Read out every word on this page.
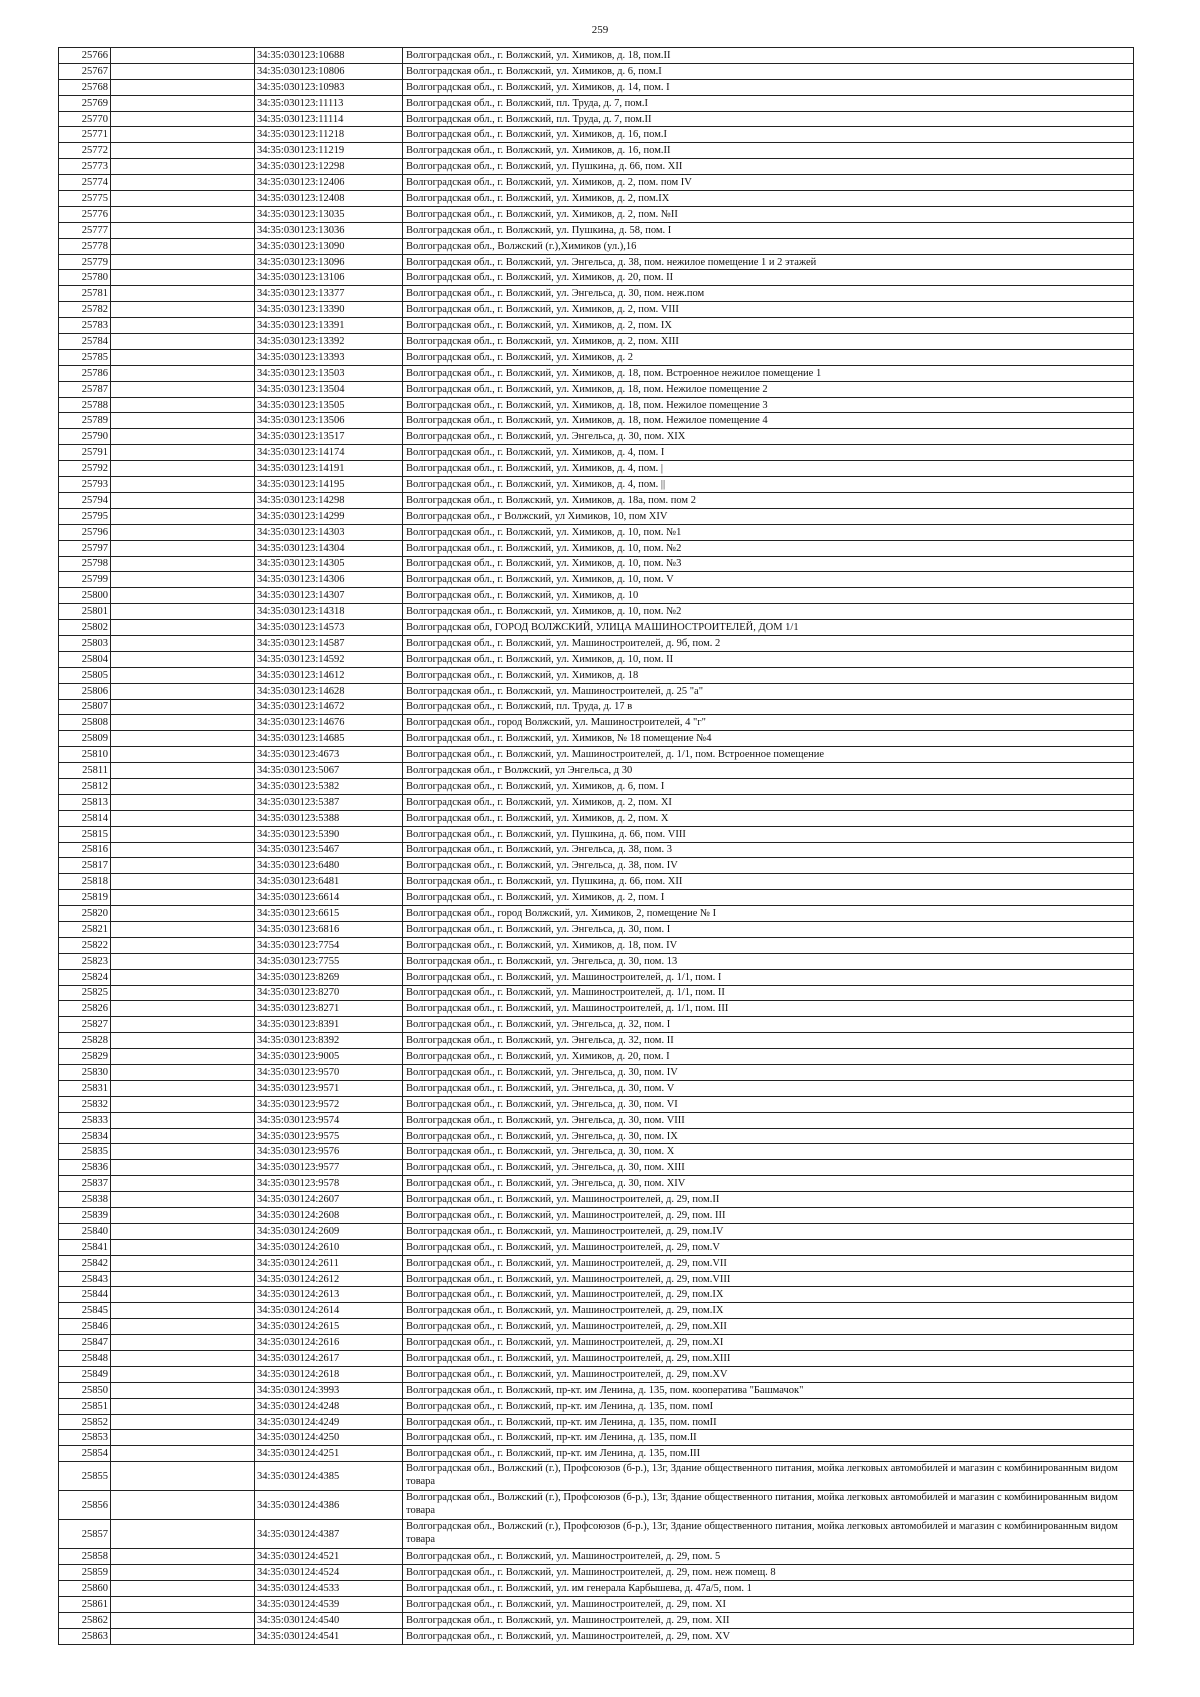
259
25766		34:35:030123:10688	Волгоградская обл., г. Волжский, ул. Химиков, д. 18, пом.II
25767		34:35:030123:10806	Волгоградская обл., г. Волжский, ул. Химиков, д. 6, пом.I
25768		34:35:030123:10983	Волгоградская обл., г. Волжский, ул. Химиков, д. 14, пом. I
25769		34:35:030123:11113	Волгоградская обл., г. Волжский, пл. Труда, д. 7, пом.I
25770		34:35:030123:11114	Волгоградская обл., г. Волжский, пл. Труда, д. 7, пом.II
25771		34:35:030123:11218	Волгоградская обл., г. Волжский, ул. Химиков, д. 16, пом.I
25772		34:35:030123:11219	Волгоградская обл., г. Волжский, ул. Химиков, д. 16, пом.II
25773		34:35:030123:12298	Волгоградская обл., г. Волжский, ул. Пушкина, д. 66, пом. XII
25774		34:35:030123:12406	Волгоградская обл., г. Волжский, ул. Химиков, д. 2, пом. пом IV
25775		34:35:030123:12408	Волгоградская обл., г. Волжский, ул. Химиков, д. 2, пом.IX
25776		34:35:030123:13035	Волгоградская обл., г. Волжский, ул. Химиков, д. 2, пом. №II
25777		34:35:030123:13036	Волгоградская обл., г. Волжский, ул. Пушкина, д. 58, пом. I
25778		34:35:030123:13090	Волгоградская обл., Волжский (г.),Химиков (ул.),16
25779		34:35:030123:13096	Волгоградская обл., г. Волжский, ул. Энгельса, д. 38, пом. нежилое помещение 1 и 2 этажей
25780		34:35:030123:13106	Волгоградская обл., г. Волжский, ул. Химиков, д. 20, пом. II
25781		34:35:030123:13377	Волгоградская обл., г. Волжский, ул. Энгельса, д. 30, пом. неж.пом
25782		34:35:030123:13390	Волгоградская обл., г. Волжский, ул. Химиков, д. 2, пом. VIII
25783		34:35:030123:13391	Волгоградская обл., г. Волжский, ул. Химиков, д. 2, пом. IX
25784		34:35:030123:13392	Волгоградская обл., г. Волжский, ул. Химиков, д. 2, пом. XIII
25785		34:35:030123:13393	Волгоградская обл., г. Волжский, ул. Химиков, д. 2
25786		34:35:030123:13503	Волгоградская обл., г. Волжский, ул. Химиков, д. 18, пом. Встроенное нежилое помещение 1
25787		34:35:030123:13504	Волгоградская обл., г. Волжский, ул. Химиков, д. 18, пом. Нежилое помещение 2
25788		34:35:030123:13505	Волгоградская обл., г. Волжский, ул. Химиков, д. 18, пом. Нежилое помещение 3
25789		34:35:030123:13506	Волгоградская обл., г. Волжский, ул. Химиков, д. 18, пом. Нежилое помещение 4
25790		34:35:030123:13517	Волгоградская обл., г. Волжский, ул. Энгельса, д. 30, пом. XIX
25791		34:35:030123:14174	Волгоградская обл., г. Волжский, ул. Химиков, д. 4, пом. I
25792		34:35:030123:14191	Волгоградская обл., г. Волжский, ул. Химиков, д. 4, пом. |
25793		34:35:030123:14195	Волгоградская обл., г. Волжский, ул. Химиков, д. 4, пом. ||
25794		34:35:030123:14298	Волгоградская обл., г. Волжский, ул. Химиков, д. 18а, пом. пом 2
25795		34:35:030123:14299	Волгоградская обл., г Волжский, ул Химиков, 10, пом XIV
25796		34:35:030123:14303	Волгоградская обл., г. Волжский, ул. Химиков, д. 10, пом. №1
25797		34:35:030123:14304	Волгоградская обл., г. Волжский, ул. Химиков, д. 10, пом. №2
25798		34:35:030123:14305	Волгоградская обл., г. Волжский, ул. Химиков, д. 10, пом. №3
25799		34:35:030123:14306	Волгоградская обл., г. Волжский, ул. Химиков, д. 10, пом. V
25800		34:35:030123:14307	Волгоградская обл., г. Волжский, ул. Химиков, д. 10
25801		34:35:030123:14318	Волгоградская обл., г. Волжский, ул. Химиков, д. 10, пом. №2
25802		34:35:030123:14573	Волгоградская обл, ГОРОД ВОЛЖСКИЙ, УЛИЦА МАШИНОСТРОИТЕЛЕЙ, ДОМ 1/1
25803		34:35:030123:14587	Волгоградская обл., г. Волжский, ул. Машиностроителей, д. 9б, пом. 2
25804		34:35:030123:14592	Волгоградская обл., г. Волжский, ул. Химиков, д. 10, пом. II
25805		34:35:030123:14612	Волгоградская обл., г. Волжский, ул. Химиков, д. 18
25806		34:35:030123:14628	Волгоградская обл., г. Волжский, ул. Машиностроителей, д. 25 "а"
25807		34:35:030123:14672	Волгоградская обл., г. Волжский, пл. Труда, д. 17 в
25808		34:35:030123:14676	Волгоградская обл., город Волжский, ул. Машиностроителей, 4 "г"
25809		34:35:030123:14685	Волгоградская обл., г. Волжский, ул. Химиков, № 18 помещение №4
25810		34:35:030123:4673	Волгоградская обл., г. Волжский, ул. Машиностроителей, д. 1/1, пом. Встроенное помещение
25811		34:35:030123:5067	Волгоградская обл., г Волжский, ул Энгельса, д 30
25812		34:35:030123:5382	Волгоградская обл., г. Волжский, ул. Химиков, д. 6, пом. I
25813		34:35:030123:5387	Волгоградская обл., г. Волжский, ул. Химиков, д. 2, пом. XI
25814		34:35:030123:5388	Волгоградская обл., г. Волжский, ул. Химиков, д. 2, пом. X
25815		34:35:030123:5390	Волгоградская обл., г. Волжский, ул. Пушкина, д. 66, пом. VIII
25816		34:35:030123:5467	Волгоградская обл., г. Волжский, ул. Энгельса, д. 38, пом. 3
25817		34:35:030123:6480	Волгоградская обл., г. Волжский, ул. Энгельса, д. 38, пом. IV
25818		34:35:030123:6481	Волгоградская обл., г. Волжский, ул. Пушкина, д. 66, пом. XII
25819		34:35:030123:6614	Волгоградская обл., г. Волжский, ул. Химиков, д. 2, пом. I
25820		34:35:030123:6615	Волгоградская обл., город Волжский, ул. Химиков, 2, помещение № I
25821		34:35:030123:6816	Волгоградская обл., г. Волжский, ул. Энгельса, д. 30, пом. I
25822		34:35:030123:7754	Волгоградская обл., г. Волжский, ул. Химиков, д. 18, пом. IV
25823		34:35:030123:7755	Волгоградская обл., г. Волжский, ул. Энгельса, д. 30, пом. 13
25824		34:35:030123:8269	Волгоградская обл., г. Волжский, ул. Машиностроителей, д. 1/1, пом. I
25825		34:35:030123:8270	Волгоградская обл., г. Волжский, ул. Машиностроителей, д. 1/1, пом. II
25826		34:35:030123:8271	Волгоградская обл., г. Волжский, ул. Машиностроителей, д. 1/1, пом. III
25827		34:35:030123:8391	Волгоградская обл., г. Волжский, ул. Энгельса, д. 32, пом. I
25828		34:35:030123:8392	Волгоградская обл., г. Волжский, ул. Энгельса, д. 32, пом. II
25829		34:35:030123:9005	Волгоградская обл., г. Волжский, ул. Химиков, д. 20, пом. I
25830		34:35:030123:9570	Волгоградская обл., г. Волжский, ул. Энгельса, д. 30, пом. IV
25831		34:35:030123:9571	Волгоградская обл., г. Волжский, ул. Энгельса, д. 30, пом. V
25832		34:35:030123:9572	Волгоградская обл., г. Волжский, ул. Энгельса, д. 30, пом. VI
25833		34:35:030123:9574	Волгоградская обл., г. Волжский, ул. Энгельса, д. 30, пом. VIII
25834		34:35:030123:9575	Волгоградская обл., г. Волжский, ул. Энгельса, д. 30, пом. IX
25835		34:35:030123:9576	Волгоградская обл., г. Волжский, ул. Энгельса, д. 30, пом. X
25836		34:35:030123:9577	Волгоградская обл., г. Волжский, ул. Энгельса, д. 30, пом. XIII
25837		34:35:030123:9578	Волгоградская обл., г. Волжский, ул. Энгельса, д. 30, пом. XIV
25838		34:35:030124:2607	Волгоградская обл., г. Волжский, ул. Машиностроителей, д. 29, пом.II
25839		34:35:030124:2608	Волгоградская обл., г. Волжский, ул. Машиностроителей, д. 29, пом. III
25840		34:35:030124:2609	Волгоградская обл., г. Волжский, ул. Машиностроителей, д. 29, пом.IV
25841		34:35:030124:2610	Волгоградская обл., г. Волжский, ул. Машиностроителей, д. 29, пом.V
25842		34:35:030124:2611	Волгоградская обл., г. Волжский, ул. Машиностроителей, д. 29, пом.VII
25843		34:35:030124:2612	Волгоградская обл., г. Волжский, ул. Машиностроителей, д. 29, пом.VIII
25844		34:35:030124:2613	Волгоградская обл., г. Волжский, ул. Машиностроителей, д. 29, пом.IX
25845		34:35:030124:2614	Волгоградская обл., г. Волжский, ул. Машиностроителей, д. 29, пом.IX
25846		34:35:030124:2615	Волгоградская обл., г. Волжский, ул. Машиностроителей, д. 29, пом.XII
25847		34:35:030124:2616	Волгоградская обл., г. Волжский, ул. Машиностроителей, д. 29, пом.XI
25848		34:35:030124:2617	Волгоградская обл., г. Волжский, ул. Машиностроителей, д. 29, пом.XIII
25849		34:35:030124:2618	Волгоградская обл., г. Волжский, ул. Машиностроителей, д. 29, пом.XV
25850		34:35:030124:3993	Волгоградская обл., г. Волжский, пр-кт. им Ленина, д. 135, пом. кооператива "Башмачок"
25851		34:35:030124:4248	Волгоградская обл., г. Волжский, пр-кт. им Ленина, д. 135, пом. помI
25852		34:35:030124:4249	Волгоградская обл., г. Волжский, пр-кт. им Ленина, д. 135, пом. помII
25853		34:35:030124:4250	Волгоградская обл., г. Волжский, пр-кт. им Ленина, д. 135, пом.II
25854		34:35:030124:4251	Волгоградская обл., г. Волжский, пр-кт. им Ленина, д. 135, пом.III
25855		34:35:030124:4385	Волгоградская обл., Волжский (г.), Профсоюзов (б-р.), 13г, Здание общественного питания, мойка легковых автомобилей и магазин с комбинированным видом товара
25856		34:35:030124:4386	Волгоградская обл., Волжский (г.), Профсоюзов (б-р.), 13г, Здание общественного питания, мойка легковых автомобилей и магазин с комбинированным видом товара
25857		34:35:030124:4387	Волгоградская обл., Волжский (г.), Профсоюзов (б-р.), 13г, Здание общественного питания, мойка легковых автомобилей и магазин с комбинированным видом товара
25858		34:35:030124:4521	Волгоградская обл., г. Волжский, ул. Машиностроителей, д. 29, пом. 5
25859		34:35:030124:4524	Волгоградская обл., г. Волжский, ул. Машиностроителей, д. 29, пом. неж помещ. 8
25860		34:35:030124:4533	Волгоградская обл., г. Волжский, ул. им генерала Карбышева, д. 47а/5, пом. 1
25861		34:35:030124:4539	Волгоградская обл., г. Волжский, ул. Машиностроителей, д. 29, пом. XI
25862		34:35:030124:4540	Волгоградская обл., г. Волжский, ул. Машиностроителей, д. 29, пом. XII
25863		34:35:030124:4541	Волгоградская обл., г. Волжский, ул. Машиностроителей, д. 29, пом. XV
